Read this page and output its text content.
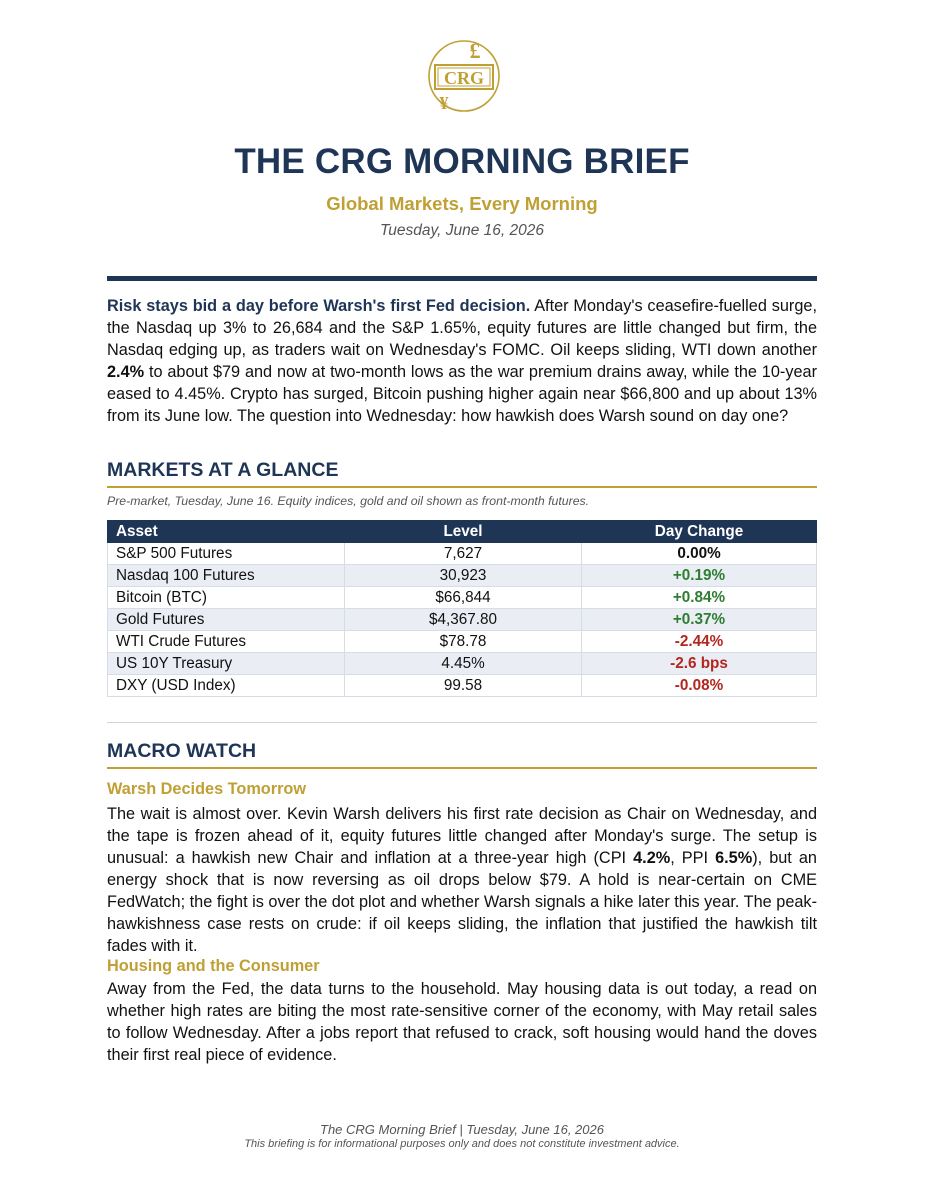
£
CRG
¥
THE CRG MORNING BRIEF
Global Markets, Every Morning
Tuesday, June 16, 2026

Risk stays bid a day before Warsh's first Fed decision. After Monday's ceasefire-fuelled surge, the Nasdaq up 3% to 26,684 and the S&P 1.65%, equity futures are little changed but firm, the Nasdaq edging up, as traders wait on Wednesday's FOMC. Oil keeps sliding, WTI down another 2.4% to about $79 and now at two-month lows as the war premium drains away, while the 10-year eased to 4.45%. Crypto has surged, Bitcoin pushing higher again near $66,800 and up about 13% from its June low. The question into Wednesday: how hawkish does Warsh sound on day one?

MARKETS AT A GLANCE
Pre-market, Tuesday, June 16. Equity indices, gold and oil shown as front-month futures.
Asset	Level	Day Change
S&P 500 Futures	7,627	0.00%
Nasdaq 100 Futures	30,923	+0.19%
Bitcoin (BTC)	$66,844	+0.84%
Gold Futures	$4,367.80	+0.37%
WTI Crude Futures	$78.78	-2.44%
US 10Y Treasury	4.45%	-2.6 bps
DXY (USD Index)	99.58	-0.08%
MACRO WATCH
Warsh Decides Tomorrow

The wait is almost over. Kevin Warsh delivers his first rate decision as Chair on Wednesday, and the tape is frozen ahead of it, equity futures little changed after Monday's surge. The setup is unusual: a hawkish new Chair and inflation at a three-year high (CPI 4.2%, PPI 6.5%), but an energy shock that is now reversing as oil drops below $79. A hold is near-certain on CME FedWatch; the fight is over the dot plot and whether Warsh signals a hike later this year. The peak-hawkishness case rests on crude: if oil keeps sliding, the inflation that justified the hawkish tilt fades with it.

Housing and the Consumer

Away from the Fed, the data turns to the household. May housing data is out today, a read on whether high rates are biting the most rate-sensitive corner of the economy, with May retail sales to follow Wednesday. After a jobs report that refused to crack, soft housing would hand the doves their first real piece of evidence.

The CRG Morning Brief | Tuesday, June 16, 2026
This briefing is for informational purposes only and does not constitute investment advice.
